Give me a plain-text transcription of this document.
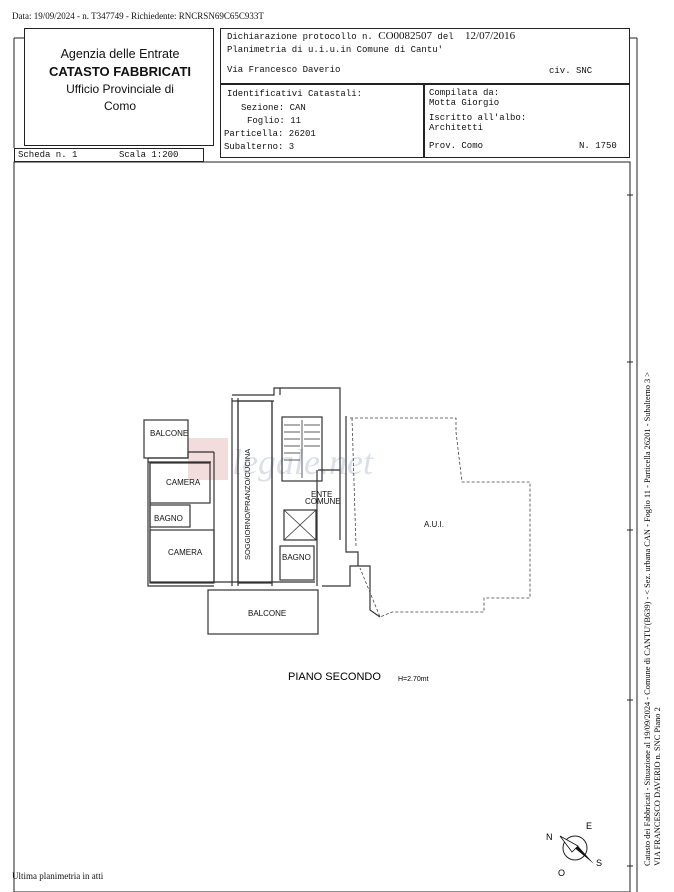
Data: 19/09/2024 - n. T347749 - Richiedente: RNCRSN69C65C933T
Agenzia delle Entrate
CATASTO FABBRICATI
Ufficio Provinciale di
Como
Dichiarazione protocollo n. CO0082507 del 12/07/2016
Planimetria di u.i.u.in Comune di Cantu'
Via Francesco Daverio	civ. SNC
Identificativi Catastali:
Sezione: CAN
Foglio: 11
Particella: 26201
Subalterno: 3
Compilata da:
Motta Giorgio
Iscritto all'albo:
Architetti
Prov. Como	N. 1750
Scheda n. 1	Scala 1:200
legale.net
BALCONE
CAMERA
BAGNO
CAMERA
ENTE
COMUNE
BAGNO
A.U.I.
BALCONE
SOGGIORNO/PRANZO/CUCINA
PIANO SECONDO H=2.70mt	Catasto dei Fabbricati - Situazione al 19/09/2024 - Comune di CANTU'(B639) - < Sez. urbana CAN - Foglio 11 - Particella 26201 - Subalterno 3 > VIA FRANCESCO DAVERIO n. SNC Piano 2
N
E
S
O
Ultima planimetria in atti
